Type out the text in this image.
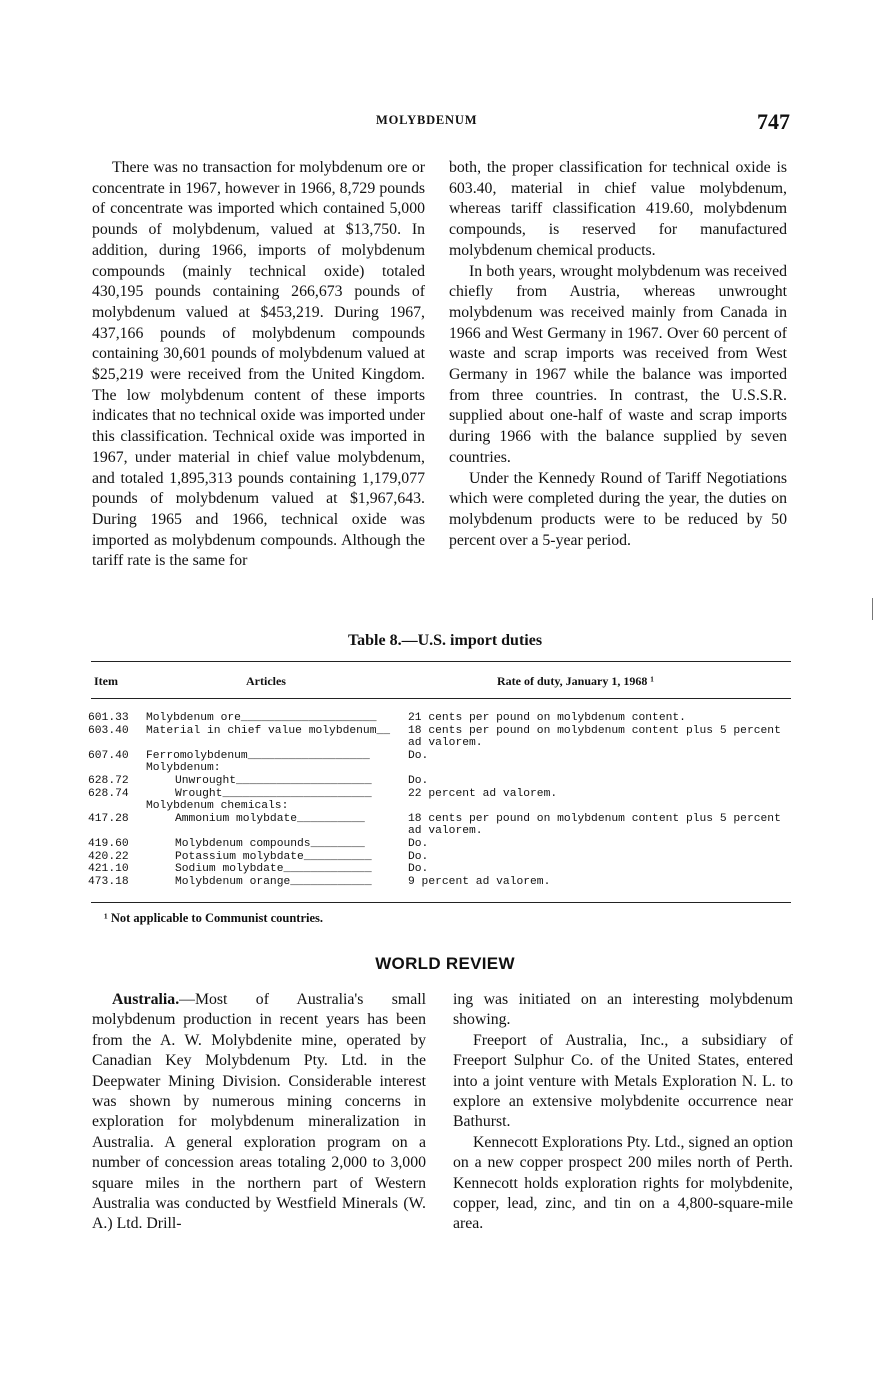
MOLYBDENUM	747

There was no transaction for molybdenum ore or concentrate in 1967, however in 1966, 8,729 pounds of concentrate was imported which contained 5,000 pounds of molybdenum, valued at $13,750. In addition, during 1966, imports of molybdenum compounds (mainly technical oxide) totaled 430,195 pounds containing 266,673 pounds of molybdenum valued at $453,219. During 1967, 437,166 pounds of molybdenum compounds containing 30,601 pounds of molybdenum valued at $25,219 were received from the United Kingdom. The low molybdenum content of these imports indicates that no technical oxide was imported under this classification. Technical oxide was imported in 1967, under material in chief value molybdenum, and totaled 1,895,313 pounds containing 1,179,077 pounds of molybdenum valued at $1,967,643. During 1965 and 1966, technical oxide was imported as molybdenum compounds. Although the tariff rate is the same for

both, the proper classification for technical oxide is 603.40, material in chief value molybdenum, whereas tariff classification 419.60, molybdenum compounds, is reserved for manufactured molybdenum chemical products.

In both years, wrought molybdenum was received chiefly from Austria, whereas unwrought molybdenum was received mainly from Canada in 1966 and West Germany in 1967. Over 60 percent of waste and scrap imports was received from West Germany in 1967 while the balance was imported from three countries. In contrast, the U.S.S.R. supplied about one-half of waste and scrap imports during 1966 with the balance supplied by seven countries.

Under the Kennedy Round of Tariff Negotiations which were completed during the year, the duties on molybdenum products were to be reduced by 50 percent over a 5-year period.

Table 8.—U.S. import duties
Item	Articles	Rate of duty, January 1, 1968 ¹
601.33	Molybdenum ore____________________	21 cents per pound on molybdenum content.
603.40	Material in chief value molybdenum__	18 cents per pound on molybdenum content plus 5 percent
		ad valorem.
607.40	Ferromolybdenum__________________	Do.
	Molybdenum:	
628.72	Unwrought____________________	Do.
628.74	Wrought______________________	22 percent ad valorem.
	Molybdenum chemicals:	
417.28	Ammonium molybdate__________	18 cents per pound on molybdenum content plus 5 percent
		ad valorem.
419.60	Molybdenum compounds________	Do.
420.22	Potassium molybdate__________	Do.
421.10	Sodium molybdate_____________	Do.
473.18	Molybdenum orange____________	9 percent ad valorem.
¹ Not applicable to Communist countries.
WORLD REVIEW

Australia.—Most of Australia's small molybdenum production in recent years has been from the A. W. Molybdenite mine, operated by Canadian Key Molybdenum Pty. Ltd. in the Deepwater Mining Division. Considerable interest was shown by numerous mining concerns in exploration for molybdenum mineralization in Australia. A general exploration program on a number of concession areas totaling 2,000 to 3,000 square miles in the northern part of Western Australia was conducted by Westfield Minerals (W. A.) Ltd. Drill-

ing was initiated on an interesting molybdenum showing.

Freeport of Australia, Inc., a subsidiary of Freeport Sulphur Co. of the United States, entered into a joint venture with Metals Exploration N. L. to explore an extensive molybdenite occurrence near Bathurst.

Kennecott Explorations Pty. Ltd., signed an option on a new copper prospect 200 miles north of Perth. Kennecott holds exploration rights for molybdenite, copper, lead, zinc, and tin on a 4,800-square-mile area.
